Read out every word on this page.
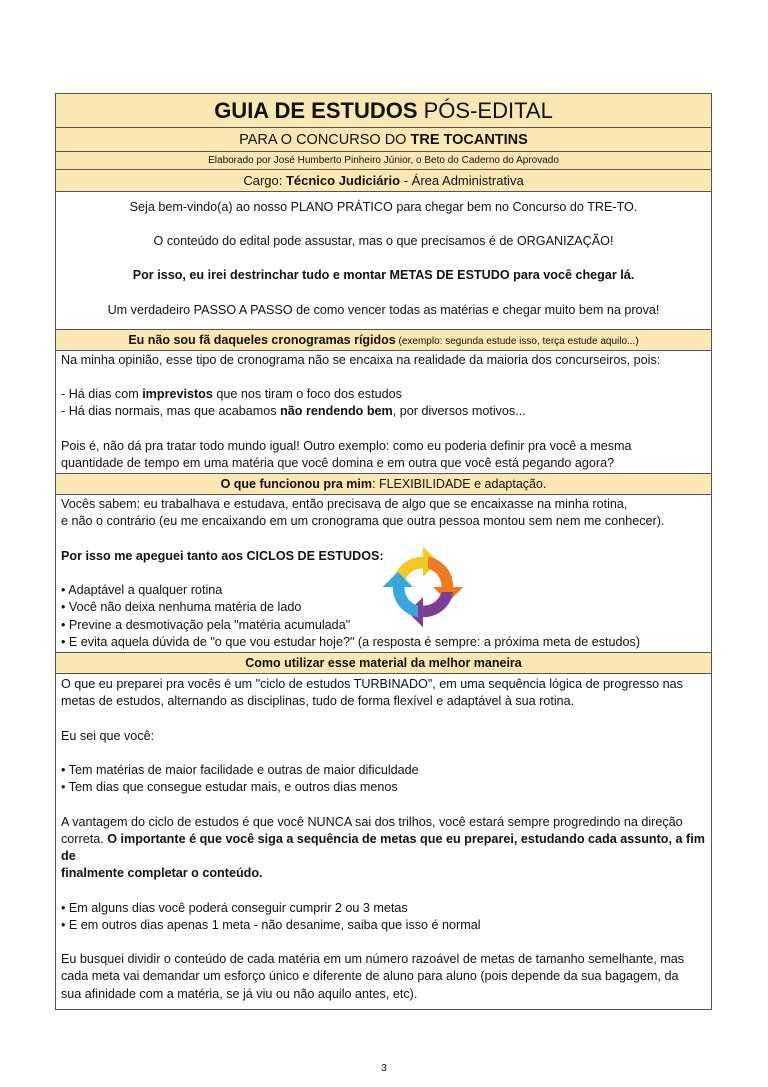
GUIA DE ESTUDOS PÓS-EDITAL
PARA O CONCURSO DO TRE TOCANTINS
Elaborado por José Humberto Pinheiro Júnior, o Beto do Caderno do Aprovado
Cargo: Técnico Judiciário - Área Administrativa

Seja bem-vindo(a) ao nosso PLANO PRÁTICO para chegar bem no Concurso do TRE-TO.

O conteúdo do edital pode assustar, mas o que precisamos é de ORGANIZAÇÃO!

Por isso, eu irei destrinchar tudo e montar METAS DE ESTUDO para você chegar lá.

Um verdadeiro PASSO A PASSO de como vencer todas as matérias e chegar muito bem na prova!

Eu não sou fã daqueles cronogramas rígidos (exemplo: segunda estude isso, terça estude aquilo...)

Na minha opinião, esse tipo de cronograma não se encaixa na realidade da maioria dos concurseiros, pois:

- Há dias com imprevistos que nos tiram o foco dos estudos

- Há dias normais, mas que acabamos não rendendo bem, por diversos motivos...

Pois é, não dá pra tratar todo mundo igual! Outro exemplo: como eu poderia definir pra você a mesma

quantidade de tempo em uma matéria que você domina e em outra que você está pegando agora?

O que funcionou pra mim: FLEXIBILIDADE e adaptação.

Vocês sabem: eu trabalhava e estudava, então precisava de algo que se encaixasse na minha rotina,

e não o contrário (eu me encaixando em um cronograma que outra pessoa montou sem nem me conhecer).

Por isso me apeguei tanto aos CICLOS DE ESTUDOS:

• Adaptável a qualquer rotina

• Você não deixa nenhuma matéria de lado

• Previne a desmotivação pela "matéria acumulada"

• E evita aquela dúvida de "o que vou estudar hoje?" (a resposta é sempre: a próxima meta de estudos)

Como utilizar esse material da melhor maneira

O que eu preparei pra vocês é um "ciclo de estudos TURBINADO", em uma sequência lógica de progresso nas

metas de estudos, alternando as disciplinas, tudo de forma flexível e adaptável à sua rotina.

Eu sei que você:

• Tem matérias de maior facilidade e outras de maior dificuldade

• Tem dias que consegue estudar mais, e outros dias menos

A vantagem do ciclo de estudos é que você NUNCA sai dos trilhos, você estará sempre progredindo na direção

correta. O importante é que você siga a sequência de metas que eu preparei, estudando cada assunto, a fim de

finalmente completar o conteúdo.

• Em alguns dias você poderá conseguir cumprir 2 ou 3 metas

• E em outros dias apenas 1 meta - não desanime, saiba que isso é normal

Eu busquei dividir o conteúdo de cada matéria em um número razoável de metas de tamanho semelhante, mas

cada meta vai demandar um esforço único e diferente de aluno para aluno (pois depende da sua bagagem, da

sua afinidade com a matéria, se já viu ou não aquilo antes, etc).

3
